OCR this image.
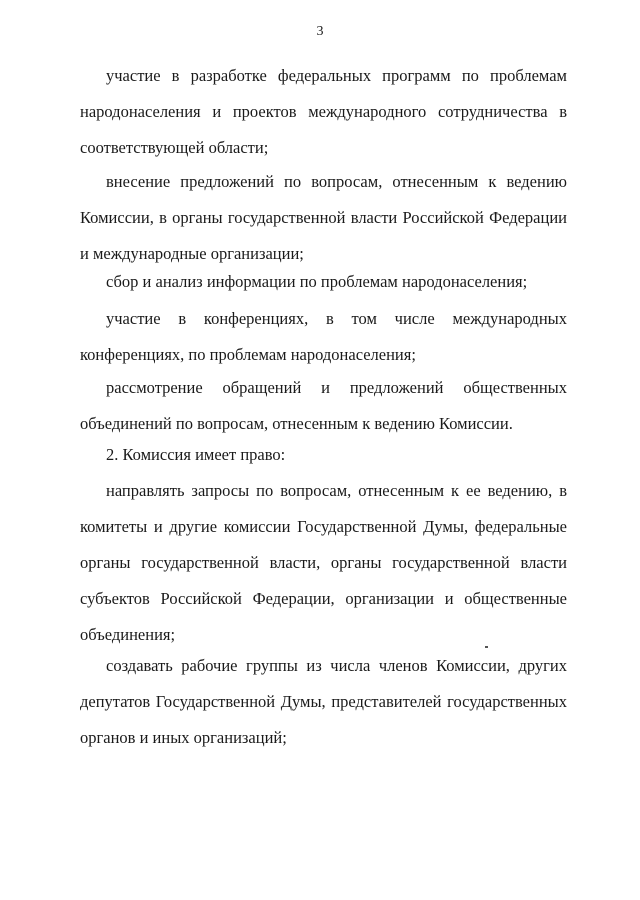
3

участие в разработке федеральных программ по проблемам народонаселения и проектов международного сотрудничества в соответствующей области;

внесение предложений по вопросам, отнесенным к ведению Комиссии, в органы государственной власти Российской Федерации и международные организации;

сбор и анализ информации по проблемам народонаселения;

участие в конференциях, в том числе международных конференциях, по проблемам народонаселения;

рассмотрение обращений и предложений общественных объединений по вопросам, отнесенным к ведению Комиссии.

2. Комиссия имеет право:

направлять запросы по вопросам, отнесенным к ее ведению, в комитеты и другие комиссии Государственной Думы, федеральные органы государственной власти, органы государственной власти субъектов Российской Федерации, организации и общественные объединения;

создавать рабочие группы из числа членов Комиссии, других депутатов Государственной Думы, представителей государственных органов и иных организаций;
